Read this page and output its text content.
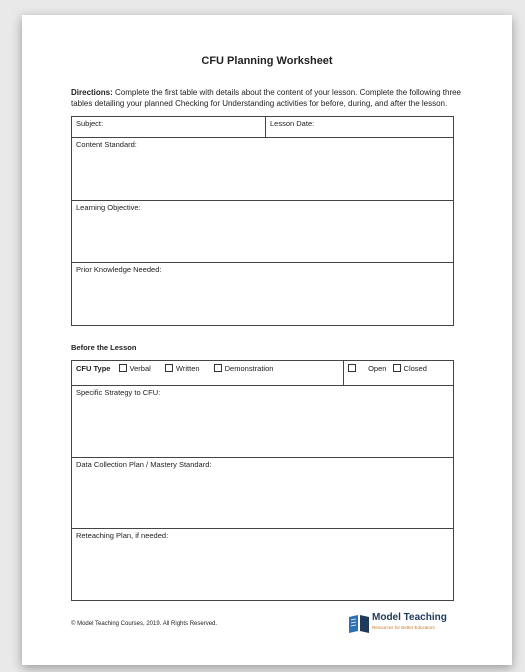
CFU Planning Worksheet
Directions: Complete the first table with details about the content of your lesson. Complete the following three tables detailing your planned Checking for Understanding activities for before, during, and after the lesson.
Subject:	Lesson Date:
Content Standard:
Learning Objective:
Prior Knowledge Needed:
Before the Lesson
CFU Type	Verbal	Written	Demonstration	Open Closed
Specific Strategy to CFU:
Data Collection Plan / Mastery Standard:
Reteaching Plan, if needed:
© Model Teaching Courses, 2019. All Rights Reserved.
Model Teaching
Resources for Better Educators
